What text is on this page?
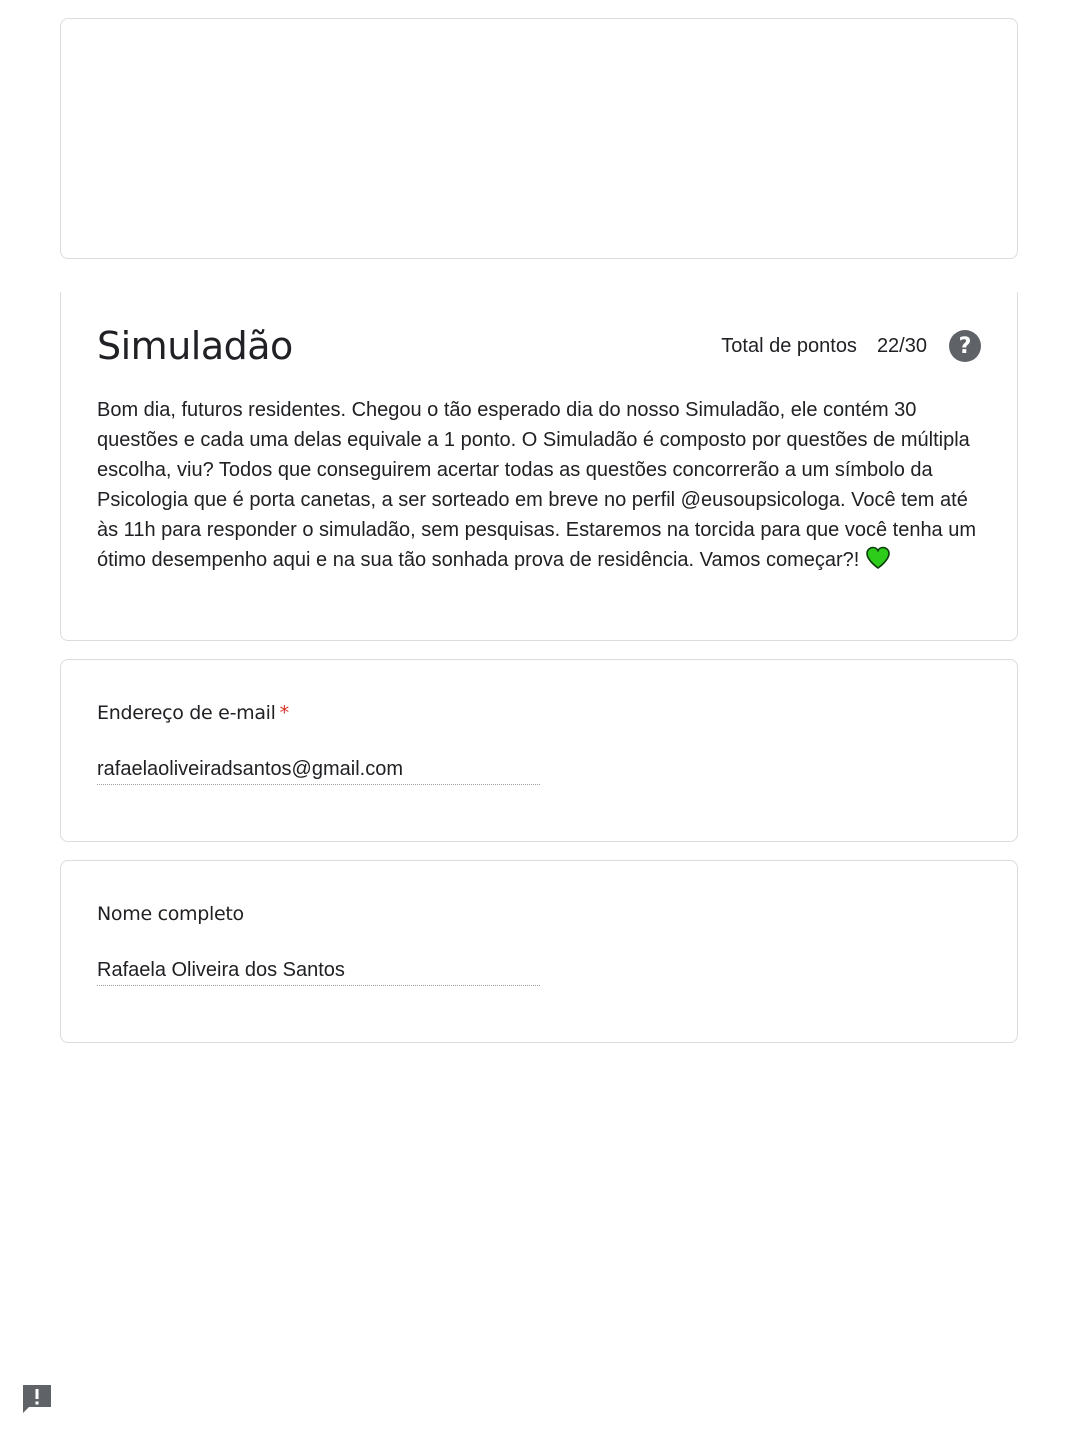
Simuladão	Total de pontos 22/30	?
Bom dia, futuros residentes. Chegou o tão esperado dia do nosso Simuladão, ele contém 30 questões e cada uma delas equivale a 1 ponto. O Simuladão é composto por questões de múltipla escolha, viu? Todos que conseguirem acertar todas as questões concorrerão a um símbolo da Psicologia que é porta canetas, a ser sorteado em breve no perfil @eusoupsicologa. Você tem até às 11h para responder o simuladão, sem pesquisas. Estaremos na torcida para que você tenha um ótimo desempenho aqui e na sua tão sonhada prova de residência. Vamos começar?!
Endereço de e-mail *
rafaelaoliveiradsantos@gmail.com
Nome completo
Rafaela Oliveira dos Santos
